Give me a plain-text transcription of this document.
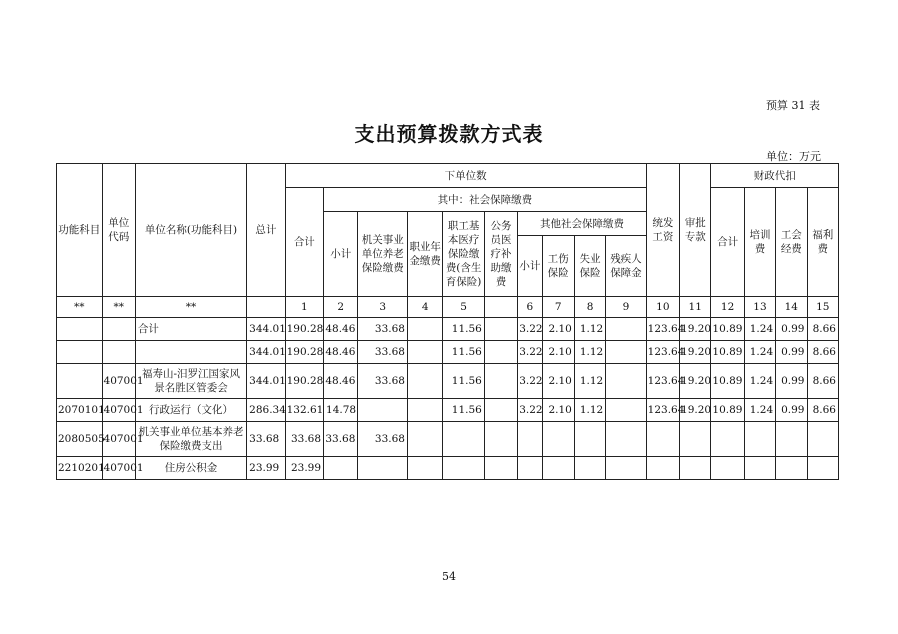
预算 31 表
支出预算拨款方式表
单位：万元
功能科目	单位代码	单位名称(功能科目)	总计	下单位数										统发工资	审批专款	财政代扣			
				合计	其中：社会保障缴费											合计	培训费	工会经费	福利费
					小计	机关事业单位养老保险缴费	职业年金缴费	职工基本医疗保险缴费(含生育保险)	公务员医疗补助缴费	其他社会保障缴费									
										小计	工伤保险	失业保险	残疾人保障金						
**	**	**		1	2	3	4	5		6	7	8	9	10	11	12	13	14	15
		合计	344.01	190.28	48.46	33.68		11.56		3.22	2.10	1.12		123.64	19.20	10.89	1.24	0.99	8.66
			344.01	190.28	48.46	33.68		11.56		3.22	2.10	1.12		123.64	19.20	10.89	1.24	0.99	8.66
	407001	福寿山-汨罗江国家风景名胜区管委会	344.01	190.28	48.46	33.68		11.56		3.22	2.10	1.12		123.64	19.20	10.89	1.24	0.99	8.66
2070101	407001	行政运行（文化）	286.34	132.61	14.78			11.56		3.22	2.10	1.12		123.64	19.20	10.89	1.24	0.99	8.66
2080505	407001	机关事业单位基本养老保险缴费支出	33.68	33.68	33.68	33.68													
2210201	407001	住房公积金	23.99	23.99															
54
